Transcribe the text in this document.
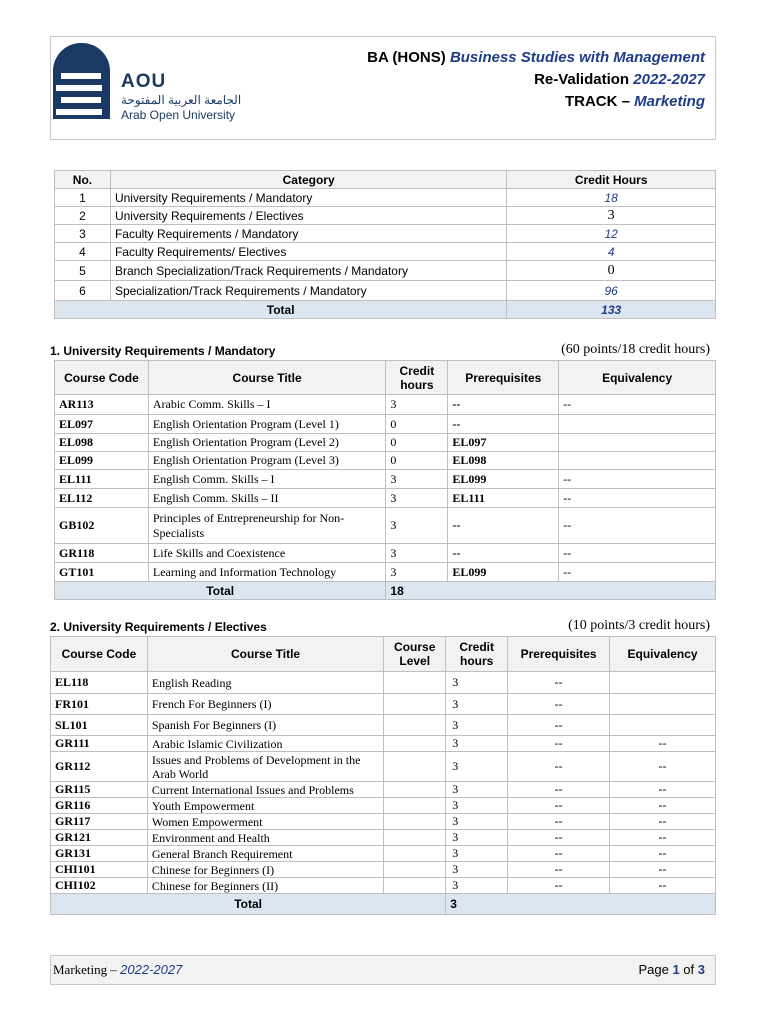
AOU
الجامعة العربية المفتوحة
Arab Open University
BA (HONS) Business Studies with Management
Re-Validation 2022-2027
TRACK – Marketing
No.	Category	Credit Hours
1	University Requirements / Mandatory	18
2	University Requirements / Electives	3
3	Faculty Requirements / Mandatory	12
4	Faculty Requirements/ Electives	4
5	Branch Specialization/Track Requirements / Mandatory	0
6	Specialization/Track Requirements / Mandatory	96
Total		133
1. University Requirements / Mandatory	(60 points/18 credit hours)
Course Code	Course Title	Credit hours	Prerequisites	Equivalency
AR113	Arabic Comm. Skills – I	3	--	--
EL097	English Orientation Program (Level 1)	0	--	
EL098	English Orientation Program (Level 2)	0	EL097	
EL099	English Orientation Program (Level 3)	0	EL098	
EL111	English Comm. Skills – I	3	EL099	--
EL112	English Comm. Skills – II	3	EL111	--
GB102	Principles of Entrepreneurship for Non-Specialists	3	--	--
GR118	Life Skills and Coexistence	3	--	--
GT101	Learning and Information Technology	3	EL099	--
Total		18		
2. University Requirements / Electives	(10 points/3 credit hours)
Course Code	Course Title	Course Level	Credit hours	Prerequisites	Equivalency
EL118	English Reading		3	--	
FR101	French For Beginners (I)		3	--	
SL101	Spanish For Beginners (I)		3	--	
GR111	Arabic Islamic Civilization		3	--	--
GR112	Issues and Problems of Development in the Arab World		3	--	--
GR115	Current International Issues and Problems		3	--	--
GR116	Youth Empowerment		3	--	--
GR117	Women Empowerment		3	--	--
GR121	Environment and Health		3	--	--
GR131	General Branch Requirement		3	--	--
CHI101	Chinese for Beginners (I)		3	--	--
CHI102	Chinese for Beginners (II)		3	--	--
Total			3		
Marketing – 2022-2027	Page 1 of 3
